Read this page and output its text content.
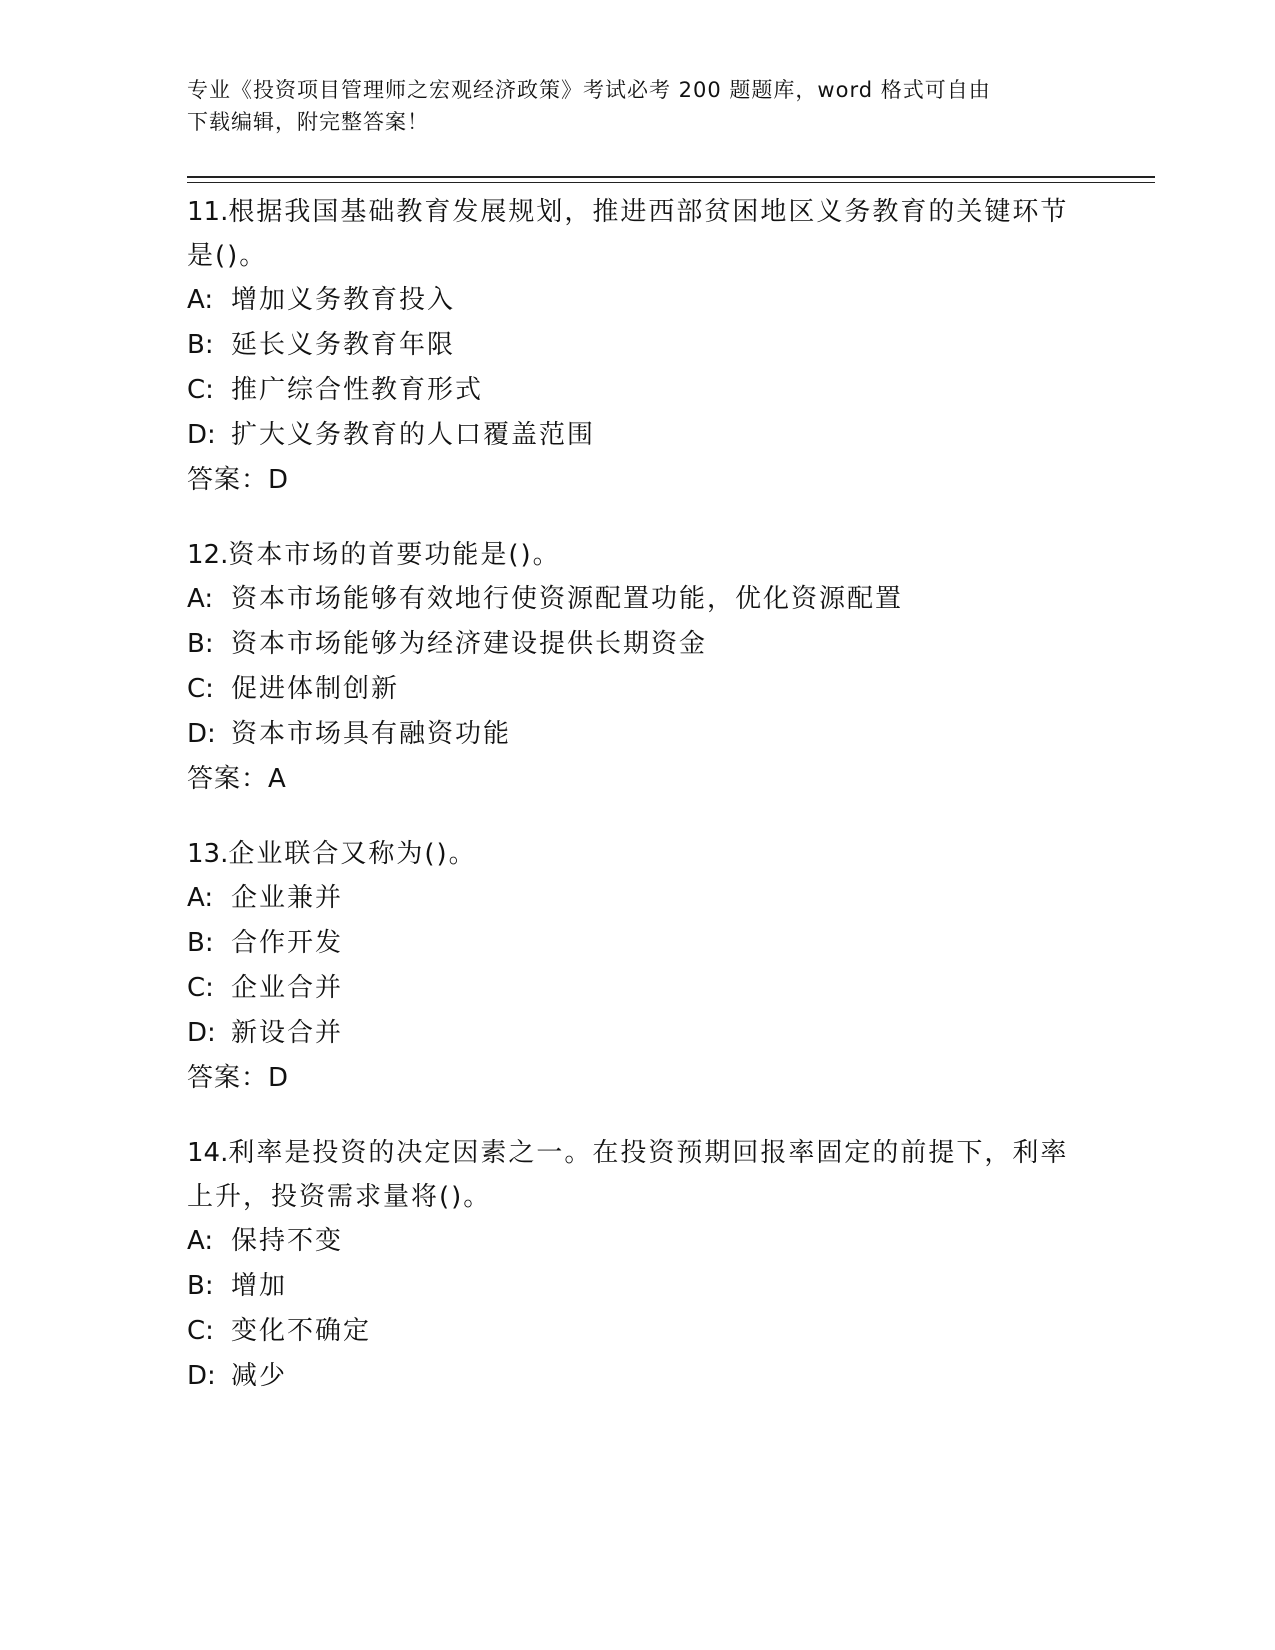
专业《投资项目管理师之宏观经济政策》考试必考 200 题题库，word 格式可自由
下载编辑，附完整答案！

11.根据我国基础教育发展规划，推进西部贫困地区义务教育的关键环节是()。

A: 增加义务教育投入

B: 延长义务教育年限

C: 推广综合性教育形式

D: 扩大义务教育的人口覆盖范围

答案：D

12.资本市场的首要功能是()。

A: 资本市场能够有效地行使资源配置功能，优化资源配置

B: 资本市场能够为经济建设提供长期资金

C: 促进体制创新

D: 资本市场具有融资功能

答案：A

13.企业联合又称为()。

A: 企业兼并

B: 合作开发

C: 企业合并

D: 新设合并

答案：D

14.利率是投资的决定因素之一。在投资预期回报率固定的前提下，利率上升，投资需求量将()。

A: 保持不变

B: 增加

C: 变化不确定

D: 减少
